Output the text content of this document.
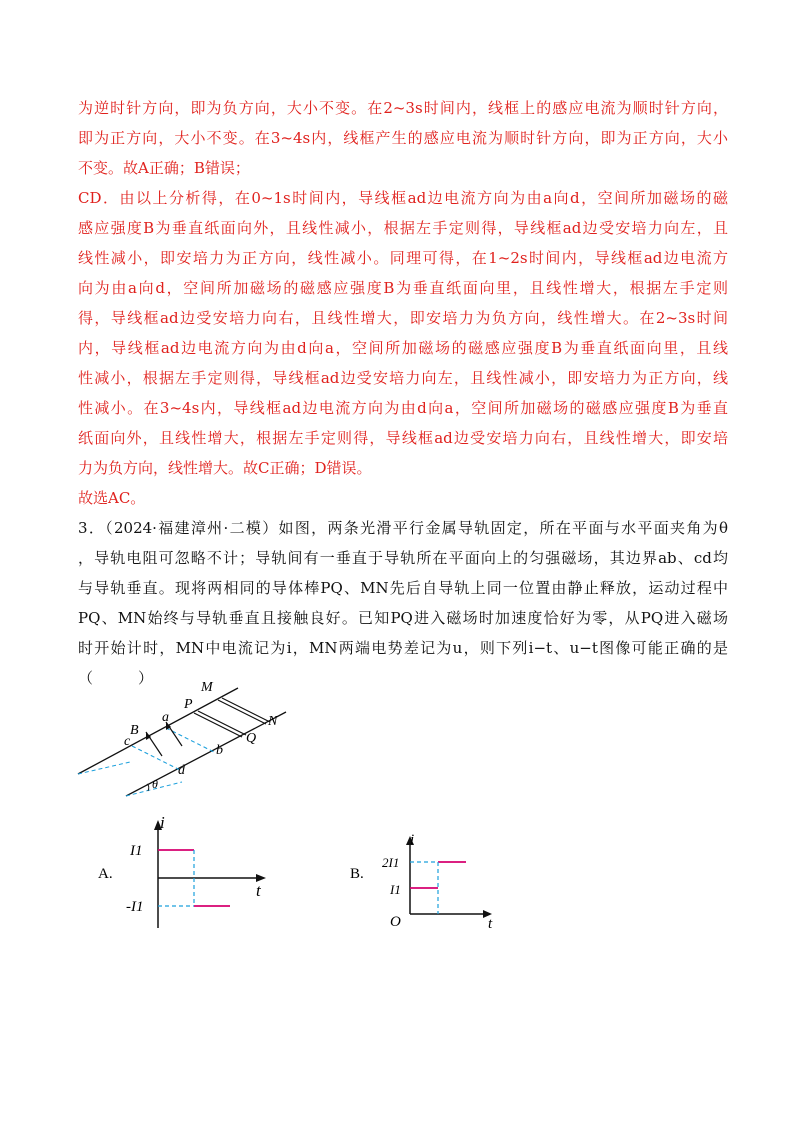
为逆时针方向，即为负方向，大小不变。在2~3s时间内，线框上的感应电流为顺时针方向，

即为正方向，大小不变。在3~4s内，线框产生的感应电流为顺时针方向，即为正方向，大小

不变。故A正确；B错误；

CD．由以上分析得，在0~1s时间内，导线框ad边电流方向为由a向d，空间所加磁场的磁

感应强度B为垂直纸面向外，且线性减小，根据左手定则得，导线框ad边受安培力向左，且

线性减小，即安培力为正方向，线性减小。同理可得，在1~2s时间内，导线框ad边电流方

向为由a向d，空间所加磁场的磁感应强度B为垂直纸面向里，且线性增大，根据左手定则

得，导线框ad边受安培力向右，且线性增大，即安培力为负方向，线性增大。在2~3s时间

内，导线框ad边电流方向为由d向a，空间所加磁场的磁感应强度B为垂直纸面向里，且线

性减小，根据左手定则得，导线框ad边受安培力向左，且线性减小，即安培力为正方向，线

性减小。在3~4s内，导线框ad边电流方向为由d向a，空间所加磁场的磁感应强度B为垂直

纸面向外，且线性增大，根据左手定则得，导线框ad边受安培力向右，且线性增大，即安培

力为负方向，线性增大。故C正确；D错误。

故选AC。

3．（2024·福建漳州·二模）如图，两条光滑平行金属导轨固定，所在平面与水平面夹角为θ

，导轨电阻可忽略不计；导轨间有一垂直于导轨所在平面向上的匀强磁场，其边界ab、cd均

与导轨垂直。现将两相同的导体棒PQ、MN先后自导轨上同一位置由静止释放，运动过程中

PQ、MN始终与导轨垂直且接触良好。已知PQ进入磁场时加速度恰好为零，从PQ进入磁场

时开始计时，MN中电流记为i，MN两端电势差记为u，则下列i−t、u−t图像可能正确的是

（　　　）

M
N
P
Q
B
a
b
c
d
θ
A.
i
t
I1
-I1
B.
i
t
O
2I1
I1
